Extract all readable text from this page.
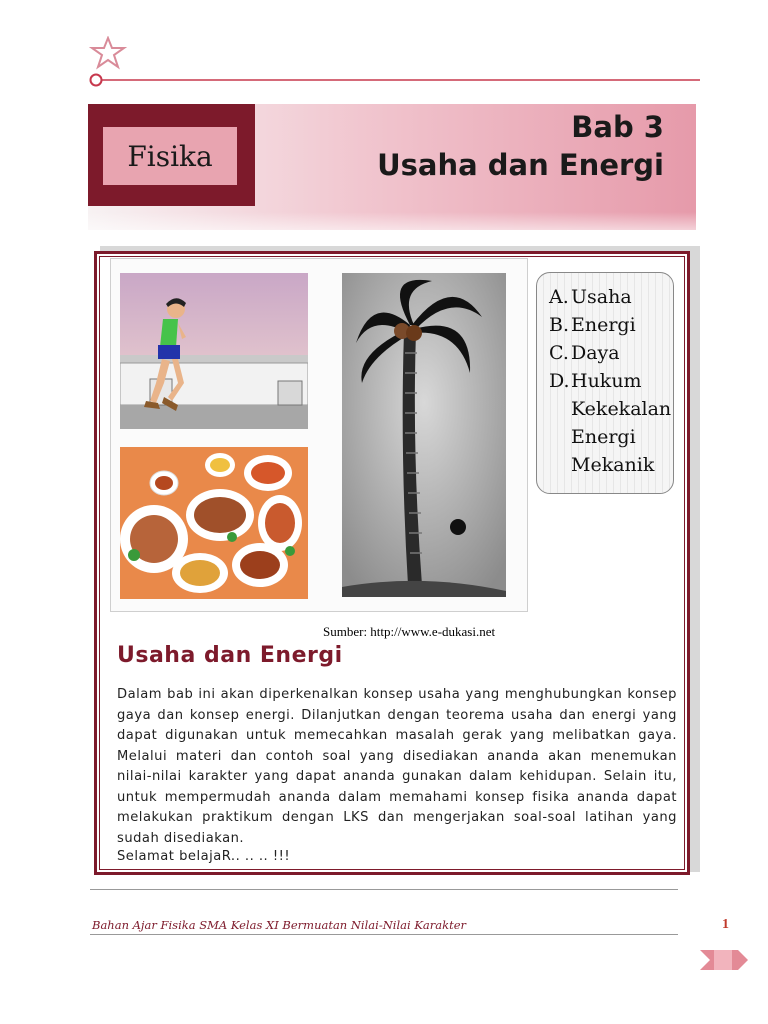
Fisika
Bab 3
Usaha dan Energi
A. Usaha
B. Energi
C. Daya
D. Hukum Kekekalan Energi Mekanik
Sumber: http://www.e-dukasi.net
Usaha dan Energi

Dalam bab ini akan diperkenalkan konsep usaha yang menghubungkan konsep gaya dan konsep energi. Dilanjutkan dengan teorema usaha dan energi yang dapat digunakan untuk memecahkan masalah gerak yang melibatkan gaya. Melalui materi dan contoh soal yang disediakan ananda akan menemukan nilai-nilai karakter yang dapat ananda gunakan dalam kehidupan. Selain itu, untuk mempermudah ananda dalam memahami konsep fisika ananda dapat melakukan praktikum dengan LKS dan mengerjakan soal-soal latihan yang sudah disediakan.

Selamat belajaR.. .. .. !!!
Bahan Ajar Fisika SMA Kelas XI Bermuatan Nilai-Nilai Karakter	1
